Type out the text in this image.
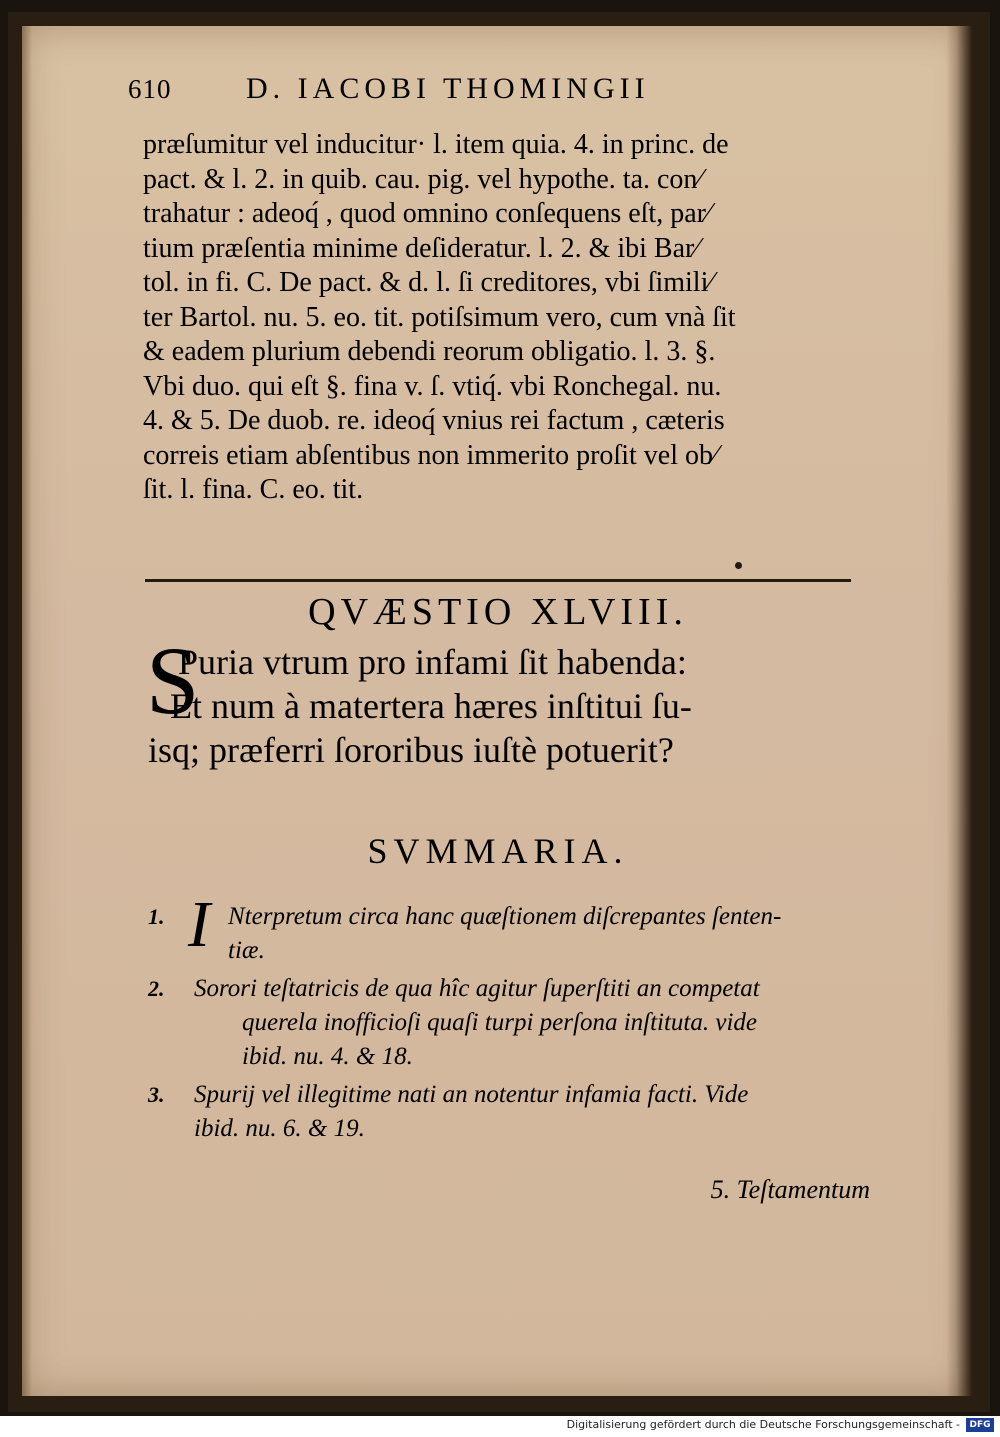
610 D. IACOBI THOMINGII
præſumitur vel inducitur· l. item quia. 4. in princ. de
pact. & l. 2. in quib. cau. pig. vel hypothe. ta. con⁄
trahatur : adeoq́ , quod omnino conſequens eſt, par⁄
tium præſentia minime deſideratur. l. 2. & ibi Bar⁄
tol. in fi. C. De pact. & d. l. ſi creditores, vbi ſimili⁄
ter Bartol. nu. 5. eo. tit. potiſsimum vero, cum vnà ſit
& eadem plurium debendi reorum obligatio. l. 3. §.
Vbi duo. qui eſt §. fina v. ſ. vtiq́. vbi Ronchegal. nu.
4. & 5. De duob. re. ideoq́ vnius rei factum , cæteris
correis etiam abſentibus non immerito proſit vel ob⁄
ſit. l. fina. C. eo. tit.
QVÆSTIO XLVIII.
S
Puria vtrum pro infami ſit habenda:
Et num à matertera hæres inſtitui ſu-
isq; præferri ſororibus iuſtè potuerit?
SVMMARIA.
1. I Nterpretum circa hanc quæſtionem diſcrepantes ſenten-
tiæ.
2. Sorori teſtatricis de qua hîc agitur ſuperſtiti an competat
querela inofficioſi quaſi turpi perſona inſtituta. vide
ibid. nu. 4. & 18.
3. Spurij vel illegitime nati an notentur infamia facti. Vide
ibid. nu. 6. & 19.
5. Teſtamentum
Digitalisierung gefördert durch die Deutsche Forschungsgemeinschaft -	DFG
